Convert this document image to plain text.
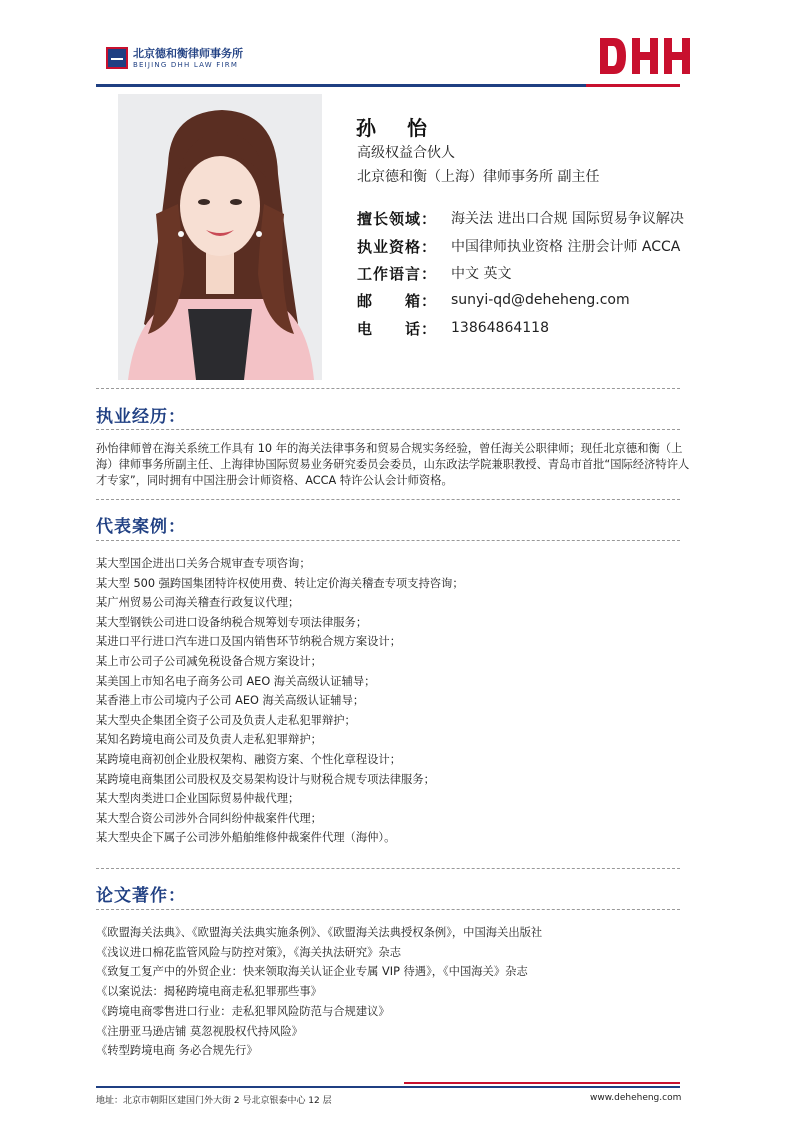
北京德和衡律师事务所
BEIJING DHH LAW FIRM
孙 怡
高级权益合伙人
北京德和衡（上海）律师事务所 副主任
擅长领域： 海关法 进出口合规 国际贸易争议解决
执业资格： 中国律师执业资格 注册会计师 ACCA
工作语言： 中文 英文
邮　　箱： sunyi-qd@deheheng.com
电　　话： 13864864118
执业经历：
孙怡律师曾在海关系统工作具有 10 年的海关法律事务和贸易合规实务经验，曾任海关公职律师；现任北京德和衡（上海）律师事务所副主任、上海律协国际贸易业务研究委员会委员，山东政法学院兼职教授、青岛市首批“国际经济特许人才专家”，同时拥有中国注册会计师资格、ACCA 特许公认会计师资格。
代表案例：
某大型国企进出口关务合规审查专项咨询；
某大型 500 强跨国集团特许权使用费、转让定价海关稽查专项支持咨询；
某广州贸易公司海关稽查行政复议代理；
某大型钢铁公司进口设备纳税合规筹划专项法律服务；
某进口平行进口汽车进口及国内销售环节纳税合规方案设计；
某上市公司子公司减免税设备合规方案设计；
某美国上市知名电子商务公司 AEO 海关高级认证辅导；
某香港上市公司境内子公司 AEO 海关高级认证辅导；
某大型央企集团全资子公司及负责人走私犯罪辩护；
某知名跨境电商公司及负责人走私犯罪辩护；
某跨境电商初创企业股权架构、融资方案、个性化章程设计；
某跨境电商集团公司股权及交易架构设计与财税合规专项法律服务；
某大型肉类进口企业国际贸易仲裁代理；
某大型合资公司涉外合同纠纷仲裁案件代理；
某大型央企下属子公司涉外船舶维修仲裁案件代理（海仲）。
论文著作：
《欧盟海关法典》、《欧盟海关法典实施条例》、《欧盟海关法典授权条例》，中国海关出版社
《浅议进口棉花监管风险与防控对策》，《海关执法研究》杂志
《致复工复产中的外贸企业：快来领取海关认证企业专属 VIP 待遇》，《中国海关》杂志
《以案说法：揭秘跨境电商走私犯罪那些事》
《跨境电商零售进口行业：走私犯罪风险防范与合规建议》
《注册亚马逊店铺 莫忽视股权代持风险》
《转型跨境电商 务必合规先行》
地址：北京市朝阳区建国门外大街 2 号北京银泰中心 12 层	www.deheheng.com
